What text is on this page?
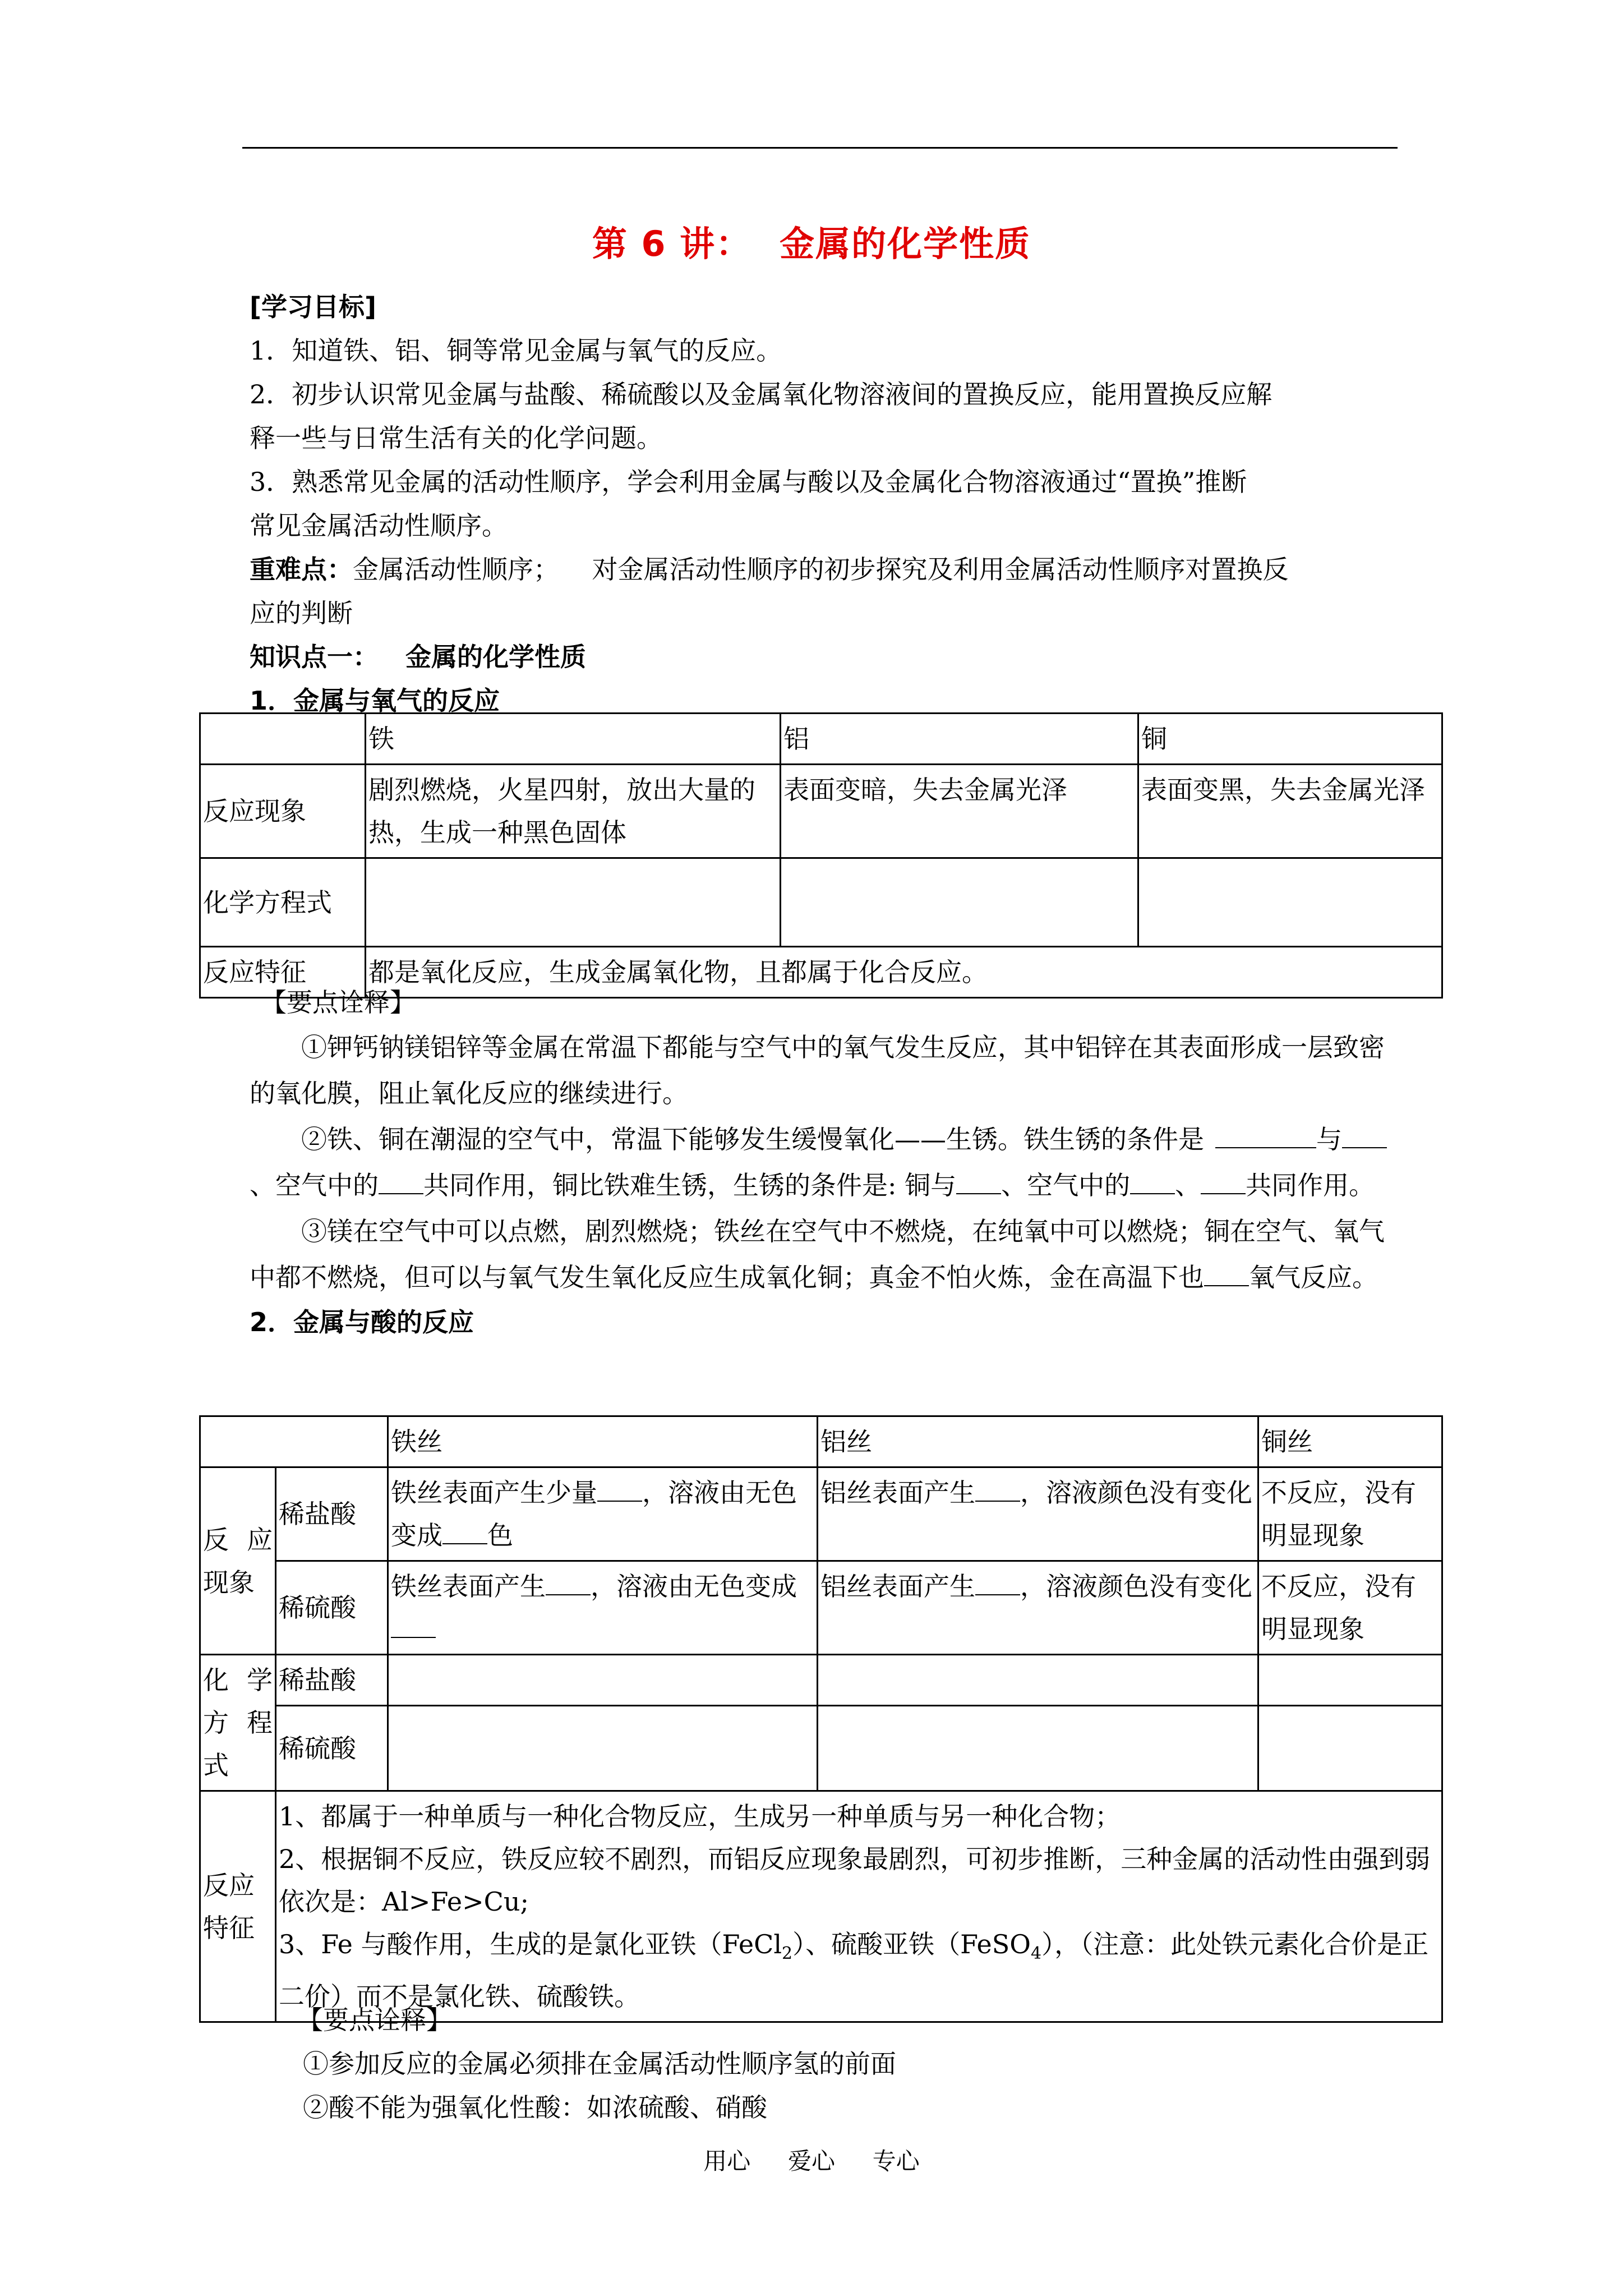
第 6 讲： 金属的化学性质
[学习目标]
1．知道铁、铝、铜等常见金属与氧气的反应。
2．初步认识常见金属与盐酸、稀硫酸以及金属氧化物溶液间的置换反应，能用置换反应解
释一些与日常生活有关的化学问题。
3．熟悉常见金属的活动性顺序，学会利用金属与酸以及金属化合物溶液通过“置换”推断
常见金属活动性顺序。
重难点：金属活动性顺序；    对金属活动性顺序的初步探究及利用金属活动性顺序对置换反
应的判断
知识点一：   金属的化学性质
1．金属与氧气的反应
	铁	铝	铜
反应现象	剧烈燃烧，火星四射，放出大量的热，生成一种黑色固体	表面变暗，失去金属光泽	表面变黑，失去金属光泽
化学方程式			
反应特征	都是氧化反应，生成金属氧化物，且都属于化合反应。		
【要点诠释】
①钾钙钠镁铝锌等金属在常温下都能与空气中的氧气发生反应，其中铝锌在其表面形成一层致密的氧化膜，阻止氧化反应的继续进行。
②铁、铜在潮湿的空气中，常温下能够发生缓慢氧化——生锈。铁生锈的条件是	与、空气中的 共同作用，铜比铁难生锈，生锈的条件是: 铜与 、空气中的 、 共同作用。
③镁在空气中可以点燃，剧烈燃烧；铁丝在空气中不燃烧，在纯氧中可以燃烧；铜在空气、氧气中都不燃烧，但可以与氧气发生氧化反应生成氧化铜；真金不怕火炼，金在高温下也 氧气反应。
2．金属与酸的反应
		铁丝	铝丝	铜丝
反 应现象	稀盐酸	铁丝表面产生少量 ，溶液由无色变成 色	铝丝表面产生 ，溶液颜色没有变化	不反应，没有明显现象
	稀硫酸	铁丝表面产生 ，溶液由无色变成	铝丝表面产生 ，溶液颜色没有变化	不反应，没有明显现象
化 学方 程式	稀盐酸			
	稀硫酸			
反应特征	1、都属于一种单质与一种化合物反应，生成另一种单质与另一种化合物；
2、根据铜不反应，铁反应较不剧烈，而铝反应现象最剧烈，可初步推断，三种金属的活动性由强到弱依次是：Al>Fe>Cu;
3、Fe 与酸作用，生成的是氯化亚铁（FeCl$_2$）、硫酸亚铁（FeSO$_4$），（注意：此处铁元素化合价是正二价）而不是氯化铁、硫酸铁。			
【要点诠释】
①参加反应的金属必须排在金属活动性顺序氢的前面
②酸不能为强氧化性酸：如浓硫酸、硝酸
用心  爱心  专心
